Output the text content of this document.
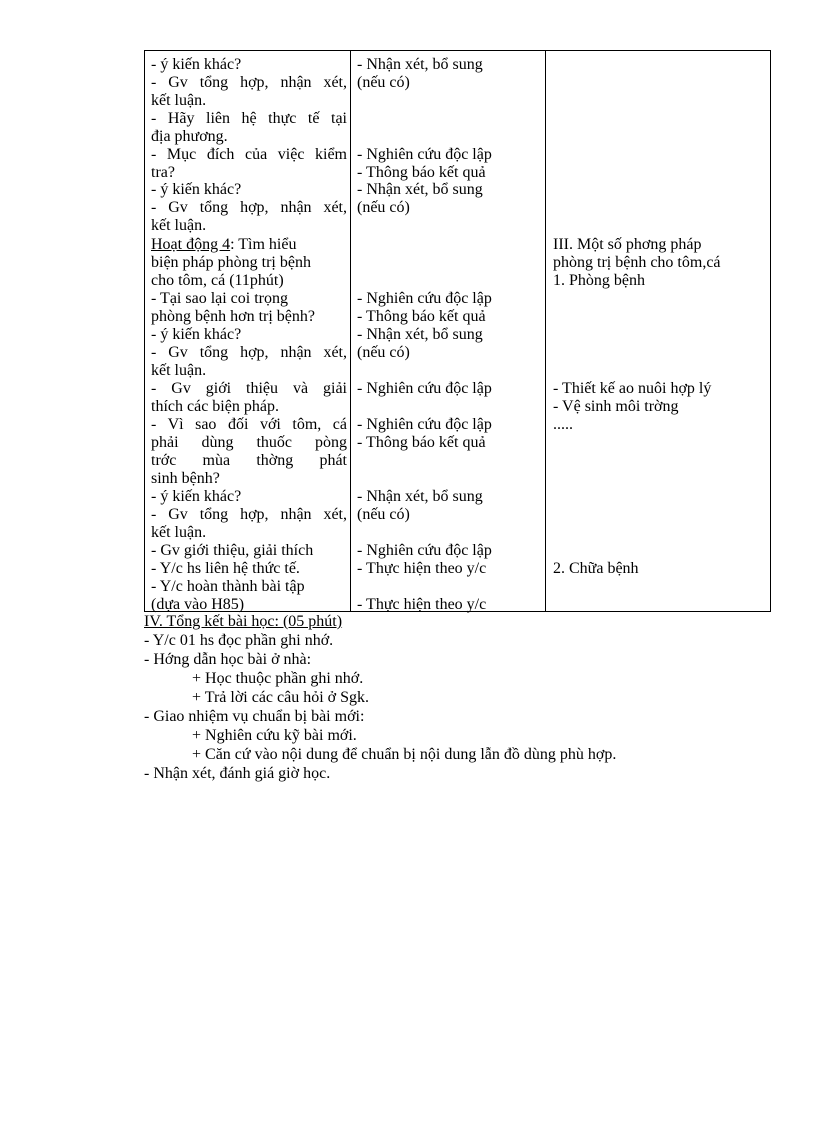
- ý kiến khác?
- Gv tổng hợp, nhận xét,
kết luận.
- Hãy liên hệ thực tế tại
địa phương.
- Mục đích của việc kiểm
tra?
- ý kiến khác?
- Gv tổng hợp, nhận xét,
kết luận.
Hoạt động 4: Tìm hiểu
biện pháp phòng trị bệnh
cho tôm, cá (11phút)
- Tại sao lại coi trọng
phòng bệnh hơn trị bệnh?
- ý kiến khác?
- Gv tổng hợp, nhận xét,
kết luận.
- Gv giới thiệu và giải
thích các biện pháp.
- Vì sao đối với tôm, cá
phải dùng thuốc pòng
trớc mùa thờng phát
sinh bệnh?
- ý kiến khác?
- Gv tổng hợp, nhận xét,
kết luận.
- Gv giới thiệu, giải thích
- Y/c hs liên hệ thức tế.
- Y/c hoàn thành bài tập
(dựa vào H85)
- Nhận xét, bổ sung
(nếu có)
- Nghiên cứu độc lập
- Thông báo kết quả
- Nhận xét, bổ sung
(nếu có)
- Nghiên cứu độc lập
- Thông báo kết quả
- Nhận xét, bổ sung
(nếu có)
- Nghiên cứu độc lập
- Nghiên cứu độc lập
- Thông báo kết quả
- Nhận xét, bổ sung
(nếu có)
- Nghiên cứu độc lập
- Thực hiện theo y/c
- Thực hiện theo y/c
III. Một số phơng pháp
phòng trị bệnh cho tôm,cá
1. Phòng bệnh
- Thiết kế ao nuôi hợp lý
- Vệ sinh môi trờng
.....
2. Chữa bệnh
IV. Tổng kết bài học: (05 phút)
- Y/c 01 hs đọc phần ghi nhớ.
- Hớng dẫn học bài ở nhà:
+ Học thuộc phần ghi nhớ.
+ Trả lời các câu hỏi ở Sgk.
- Giao nhiệm vụ chuẩn bị bài mới:
+ Nghiên cứu kỹ bài mới.
+ Căn cứ vào nội dung để chuẩn bị nội dung lẫn đồ dùng phù hợp.
- Nhận xét, đánh giá giờ học.
